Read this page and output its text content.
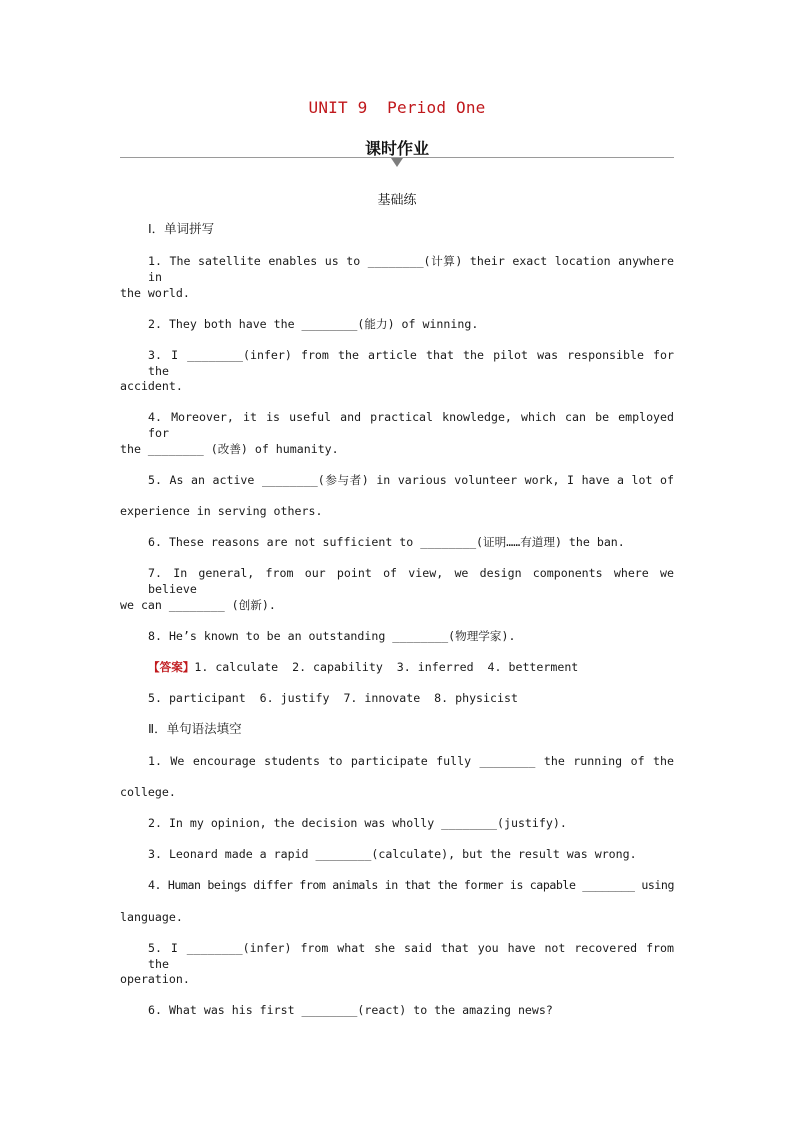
UNIT 9  Period One
课时作业
基础练
Ⅰ．单词拼写
1. The satellite enables us to ________(计算) their exact location anywhere in
the world.
2. They both have the ________(能力) of winning.
3. I ________(infer) from the article that the pilot was responsible for the
accident.
4. Moreover, it is useful and practical knowledge, which can be employed for
the ________ (改善) of humanity.
5. As an active ________(参与者) in various volunteer work, I have a lot of
experience in serving others.
6. These reasons are not sufficient to ________(证明……有道理) the ban.
7. In general, from our point of view, we design components where we believe
we can ________ (创新).
8. He’s known to be an outstanding ________(物理学家).
【答案】1. calculate  2. capability  3. inferred  4. betterment
5. participant  6. justify  7. innovate  8. physicist
Ⅱ．单句语法填空
1. We encourage students to participate fully ________ the running of the
college.
2. In my opinion, the decision was wholly ________(justify).
3. Leonard made a rapid ________(calculate), but the result was wrong.
4. Human beings differ from animals in that the former is capable ________ using
language.
5. I ________(infer) from what she said that you have not recovered from the
operation.
6. What was his first ________(react) to the amazing news?
